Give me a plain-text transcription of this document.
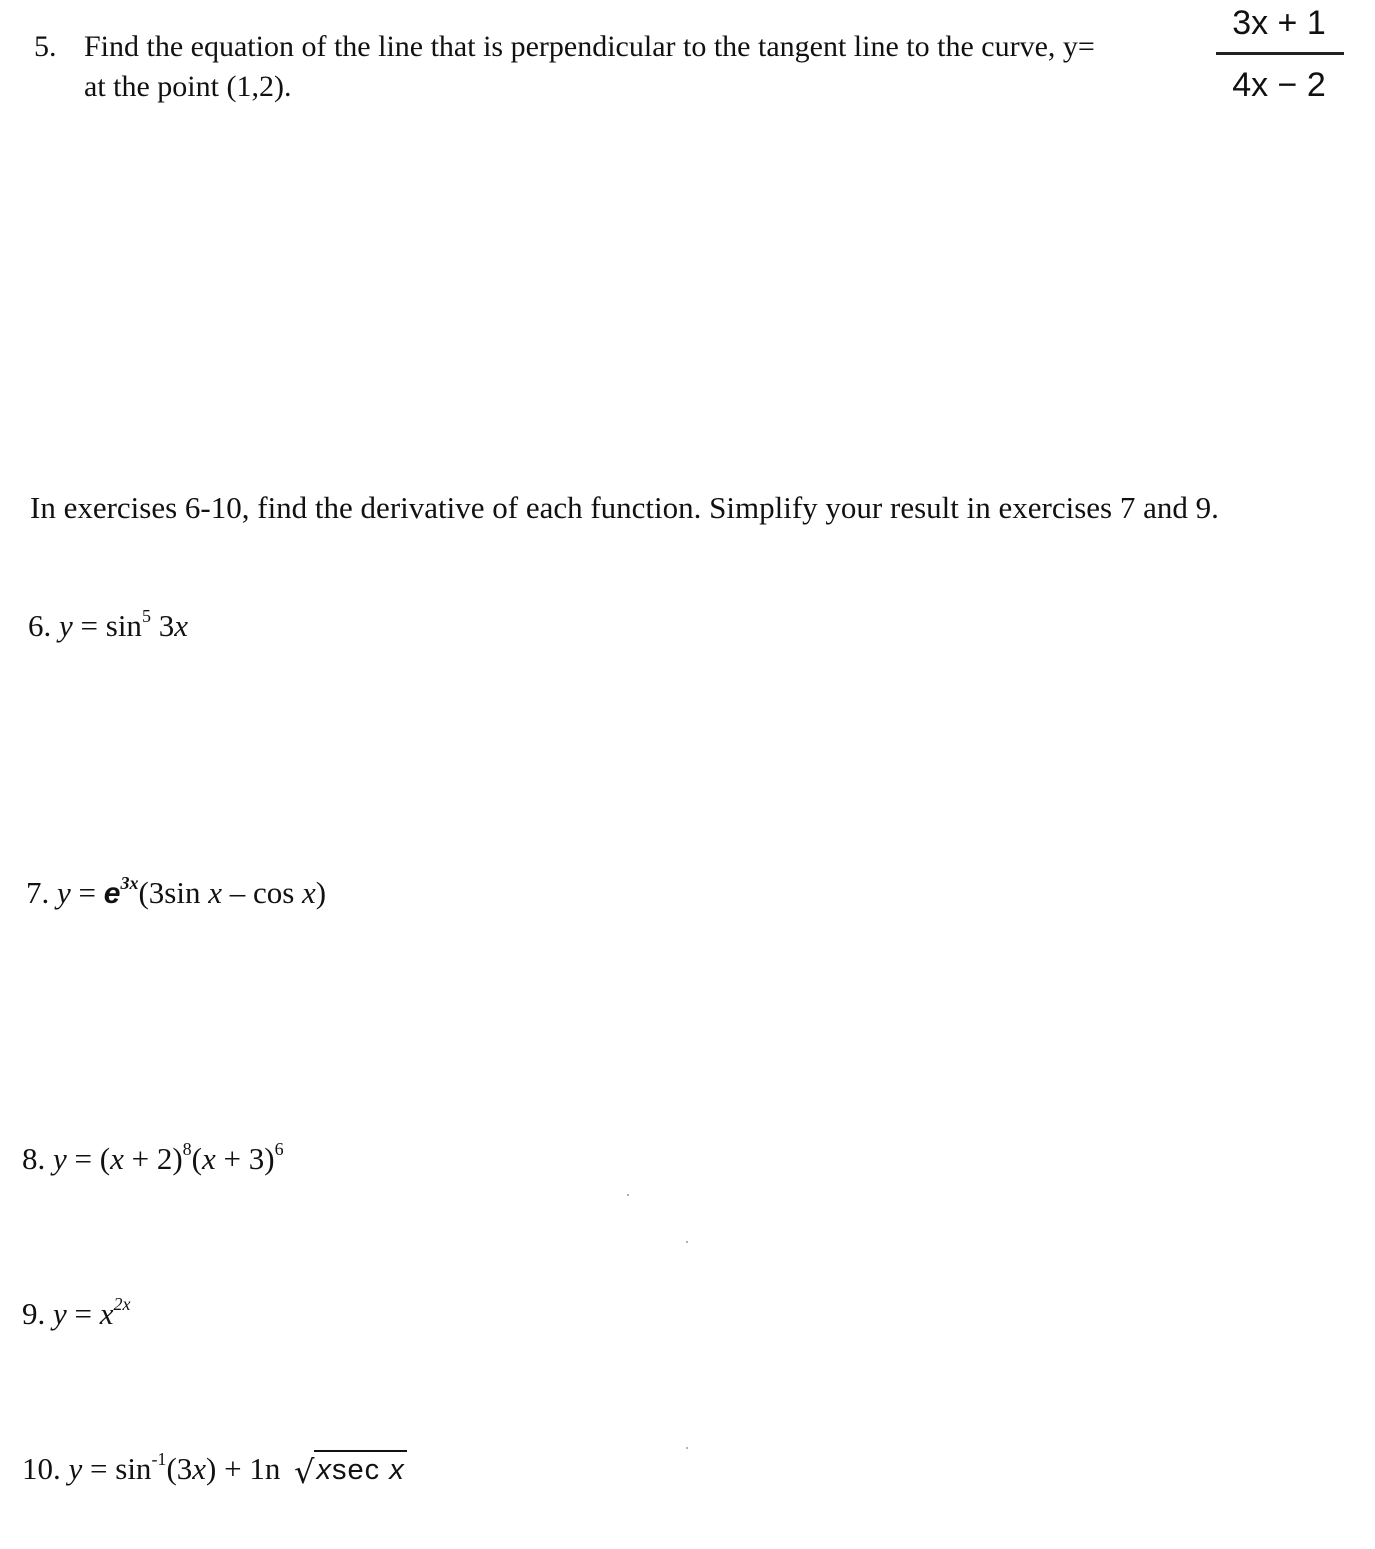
5. Find the equation of the line that is perpendicular to the tangent line to the curve, y=
at the point (1,2).
3x + 1
4x − 2
In exercises 6-10, find the derivative of each function. Simplify your result in exercises 7 and 9.
6. $y = \sin^5 3x$
7. $y = e^{3x}(3\sin$ x – cos x)
8. $y = (x + 2)^8(x + 3)^6$
9. $y = x^{2x}$
10. $y = \sin^{-1}(3x) + 1n$ √xsec x
